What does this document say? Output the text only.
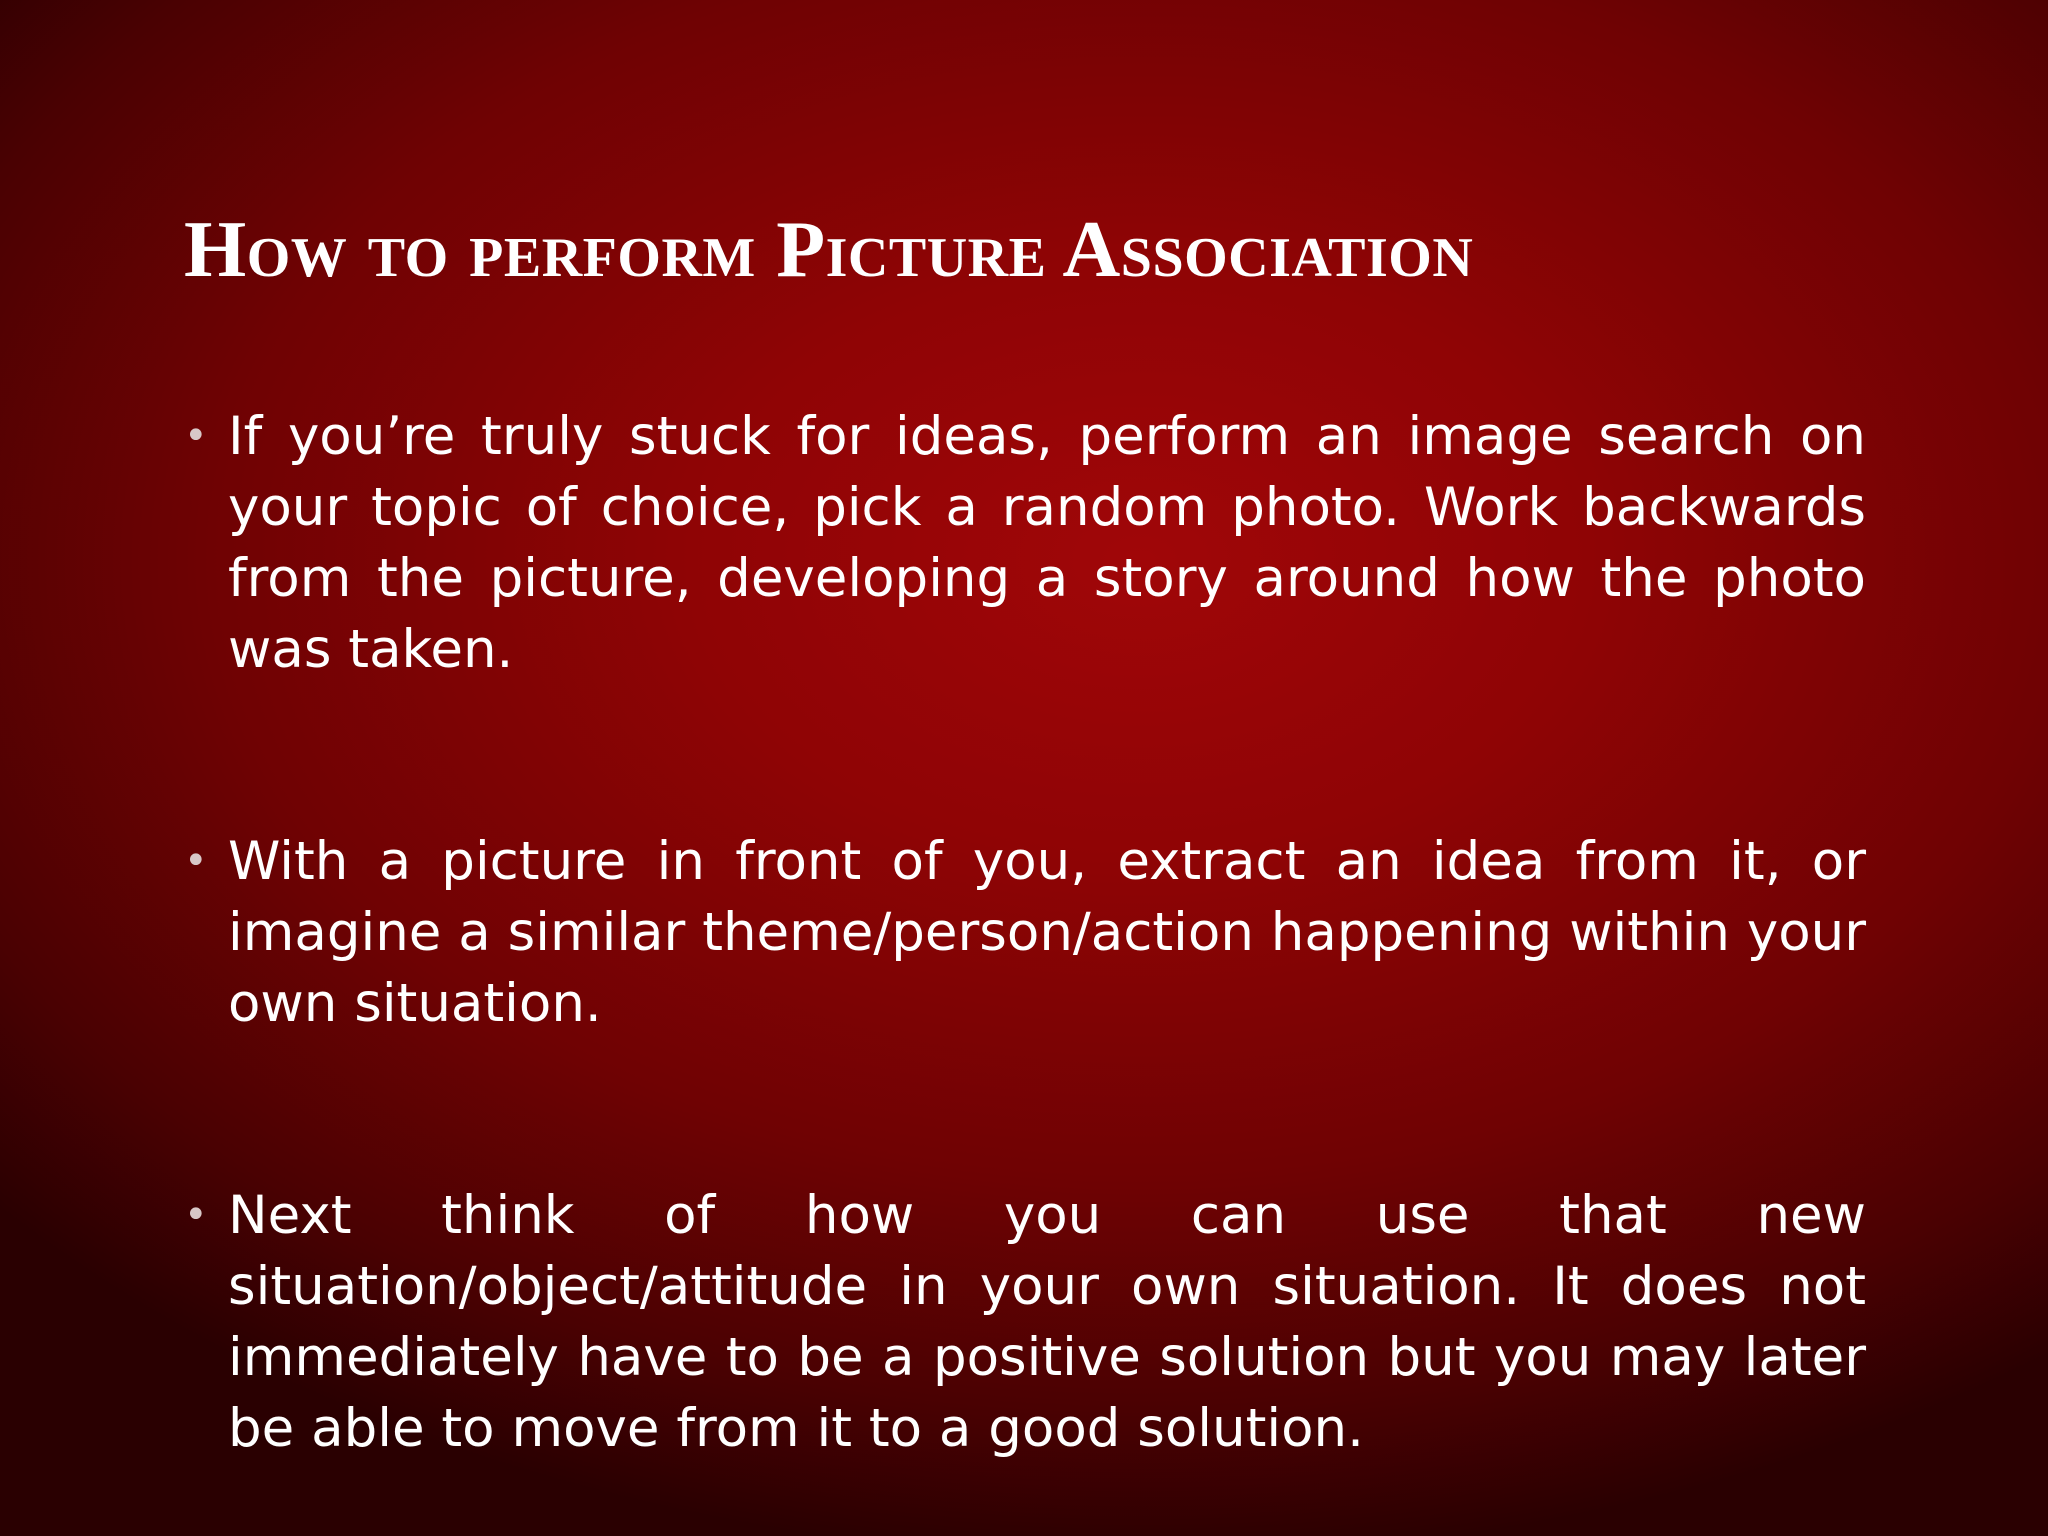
How to perform Picture Association

• If you’re truly stuck for ideas, perform an image search on your topic of choice, pick a random photo. Work backwards from the picture, developing a story around how the photo was taken.

• With a picture in front of you, extract an idea from it, or imagine a similar theme/person/action happening within your own situation.

• Next think of how you can use that new situation/object/attitude in your own situation. It does not immediately have to be a positive solution but you may later be able to move from it to a good solution.
